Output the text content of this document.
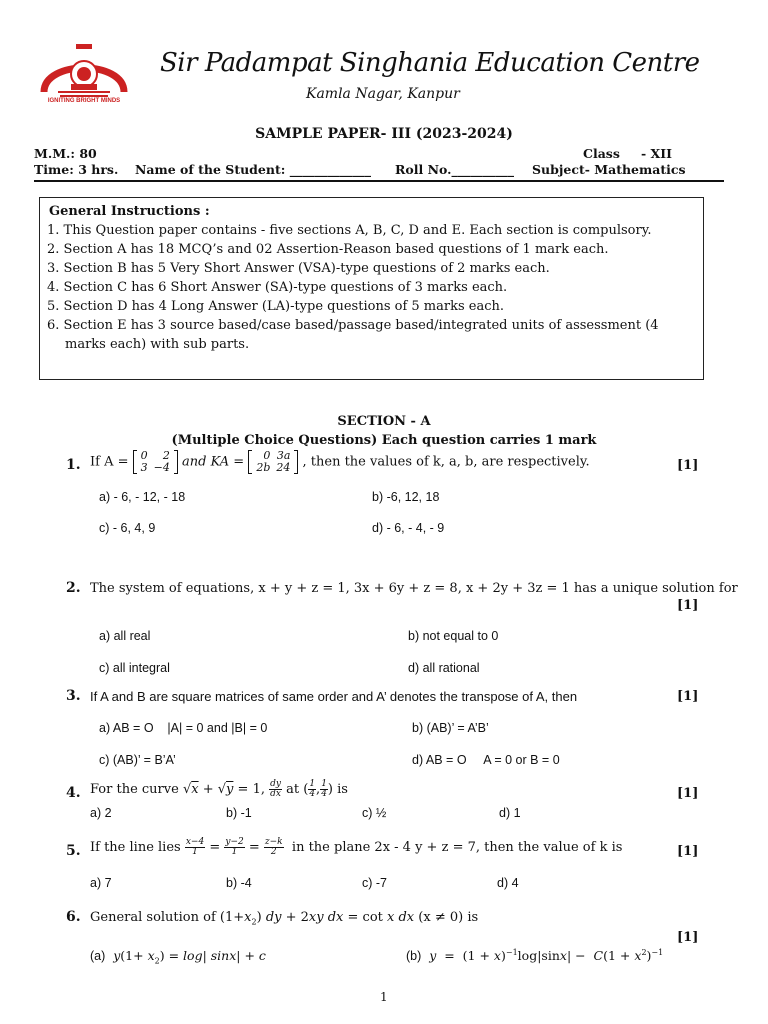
IGNITING BRIGHT MINDS
Sir Padampat Singhania Education Centre
Kamla Nagar, Kanpur
SAMPLE PAPER- III (2023-2024)
M.M.: 80	Class - XII
Time: 3 hrs. Name of the Student: _____________ Roll No.__________ Subject- Mathematics
General Instructions :
1. This Question paper contains - five sections A, B, C, D and E. Each section is compulsory.
2. Section A has 18 MCQ’s and 02 Assertion-Reason based questions of 1 mark each.
3. Section B has 5 Very Short Answer (VSA)-type questions of 2 marks each.
4. Section C has 6 Short Answer (SA)-type questions of 3 marks each.
5. Section D has 4 Long Answer (LA)-type questions of 5 marks each.
6. Section E has 3 source based/case based/passage based/integrated units of assessment (4
marks each) with sub parts.
SECTION - A
(Multiple Choice Questions) Each question carries 1 mark
1. If A = 0	2
3	−4 and KA = 0	3a
2b	24 , then the values of k, a, b, are respectively.	[1]
a) - 6, - 12, - 18	b) -6, 12, 18
c) - 6, 4, 9	d) - 6, - 4, - 9
2. The system of equations, x + y + z = 1, 3x + 6y + z = 8, x + 2y + 3z = 1 has a unique solution for
[1]
a) all real	b) not equal to 0
c) all integral	d) all rational
3. If A and B are square matrices of same order and A’ denotes the transpose of A, then	[1]
a) AB = O    |A| = 0 and |B| = 0	b) (AB)’ = A’B’
c) (AB)’ = B’A’	d) AB = O     A = 0 or B = 0
4. For the curve √x + √y = 1, $\frac{dy}{dx}$ at ( $\frac{1}{4}$ , $\frac{1}{4}$ ) is	[1]
a) 2	b) -1	c) ½	d) 1
5. If the line lies $\frac{x-4}{1} = \frac{y-2}{1} = \frac{z-k}{2}$ in the plane 2x - 4 y + z = 7, then the value of k is	[1]
a) 7	b) -4	c) -7	d) 4
6. General solution of $(1+x_2)$ dy + 2xy dx = cot x dx (x ≠ 0) is
[1]
(a) $y(1+ x_2) = \log|$ sinx| + c	(b) $y = (1 + x)^{-1}\log|\sin x| - C(1 + x^2)^{-1}$
1
